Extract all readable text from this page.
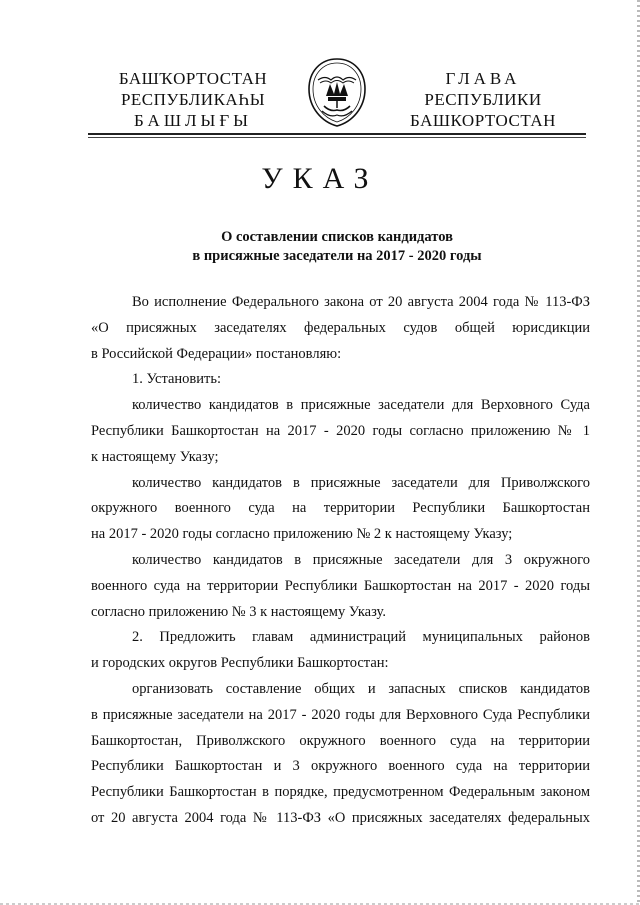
БАШҠОРТОСТАН
РЕСПУБЛИКАҺЫ
БАШЛЫҒЫ
ГЛАВА
РЕСПУБЛИКИ
БАШКОРТОСТАН
УКАЗ
О составлении списков кандидатов
в присяжные заседатели на 2017 - 2020 годы

Во исполнение Федерального закона от 20 августа 2004 года № 113-ФЗ

«О присяжных заседателях федеральных судов общей юрисдикции

в Российской Федерации» постановляю:

1. Установить:

количество кандидатов в присяжные заседатели для Верховного Суда

Республики Башкортостан на 2017 - 2020 годы согласно приложению № 1

к настоящему Указу;

количество кандидатов в присяжные заседатели для Приволжского

окружного военного суда на территории Республики Башкортостан

на 2017 - 2020 годы согласно приложению № 2 к настоящему Указу;

количество кандидатов в присяжные заседатели для 3 окружного

военного суда на территории Республики Башкортостан на 2017 - 2020 годы

согласно приложению № 3 к настоящему Указу.

2. Предложить главам администраций муниципальных районов

и городских округов Республики Башкортостан:

организовать составление общих и запасных списков кандидатов

в присяжные заседатели на 2017 - 2020 годы для Верховного Суда Республики

Башкортостан, Приволжского окружного военного суда на территории

Республики Башкортостан и 3 окружного военного суда на территории

Республики Башкортостан в порядке, предусмотренном Федеральным законом

от 20 августа 2004 года № 113-ФЗ «О присяжных заседателях федеральных
